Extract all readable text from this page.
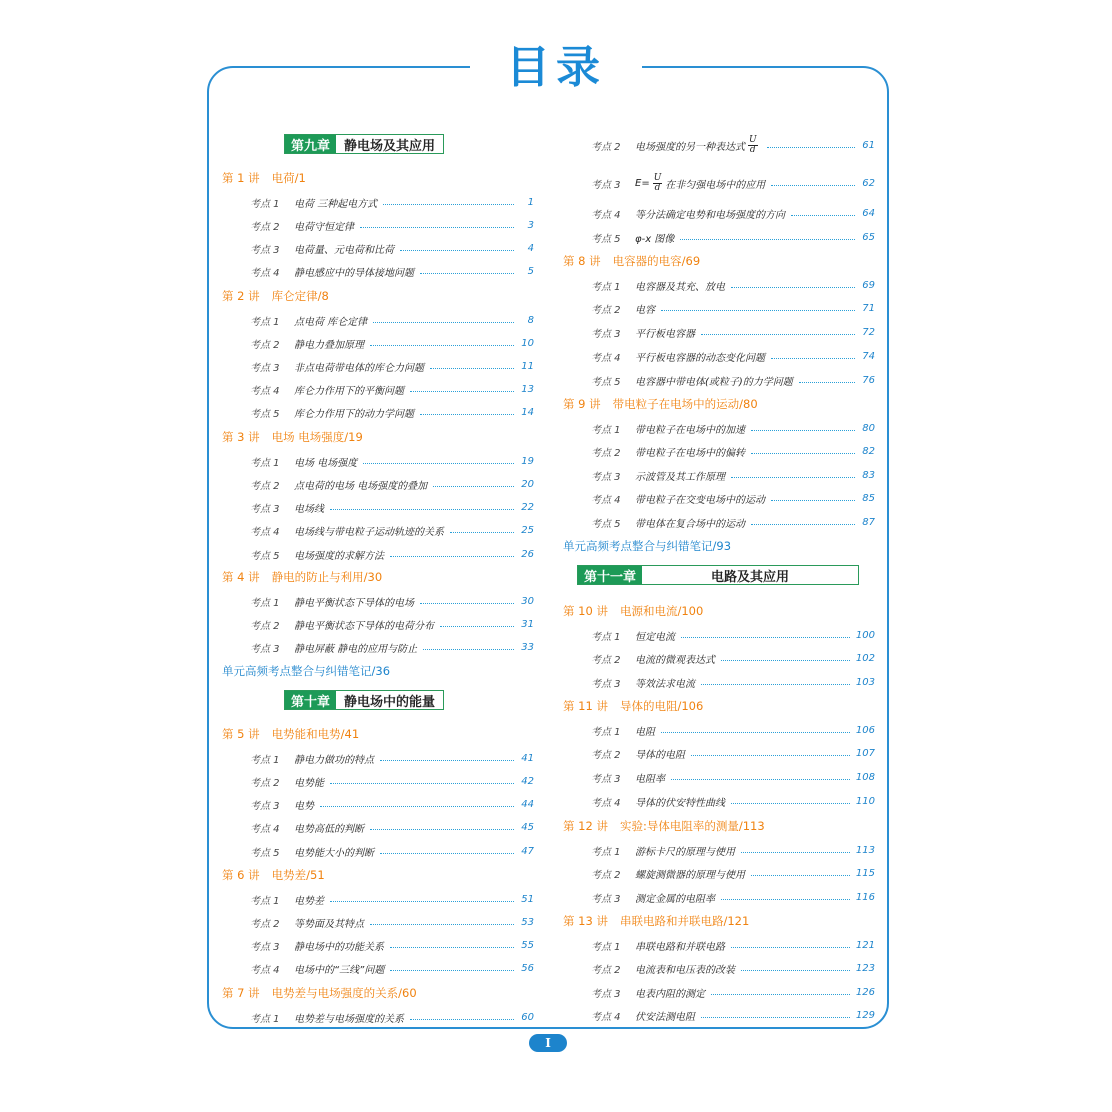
目录
第九章	静电场及其应用
第 1 讲 电荷/1
考点 1	电荷 三种起电方式	1
考点 2	电荷守恒定律	3
考点 3	电荷量、元电荷和比荷	4
考点 4	静电感应中的导体接地问题	5
第 2 讲 库仑定律/8
考点 1	点电荷 库仑定律	8
考点 2	静电力叠加原理	10
考点 3	非点电荷带电体的库仑力问题	11
考点 4	库仑力作用下的平衡问题	13
考点 5	库仑力作用下的动力学问题	14
第 3 讲 电场 电场强度/19
考点 1	电场 电场强度	19
考点 2	点电荷的电场 电场强度的叠加	20
考点 3	电场线	22
考点 4	电场线与带电粒子运动轨迹的关系	25
考点 5	电场强度的求解方法	26
第 4 讲 静电的防止与利用/30
考点 1	静电平衡状态下导体的电场	30
考点 2	静电平衡状态下导体的电荷分布	31
考点 3	静电屏蔽 静电的应用与防止	33
单元高频考点整合与纠错笔记/36
第十章	静电场中的能量
第 5 讲 电势能和电势/41
考点 1	静电力做功的特点	41
考点 2	电势能	42
考点 3	电势	44
考点 4	电势高低的判断	45
考点 5	电势能大小的判断	47
第 6 讲 电势差/51
考点 1	电势差	51
考点 2	等势面及其特点	53
考点 3	静电场中的功能关系	55
考点 4	电场中的“三线”问题	56
第 7 讲 电势差与电场强度的关系/60
考点 1	电势差与电场强度的关系	60
考点 2	电场强度的另一种表达式 $\frac{U}{d}$	61
考点 3	$E= \frac{U}{d}$ 在非匀强电场中的应用	62
考点 4	等分法确定电势和电场强度的方向	64
考点 5	φ-x 图像	65
第 8 讲 电容器的电容/69
考点 1	电容器及其充、放电	69
考点 2	电容	71
考点 3	平行板电容器	72
考点 4	平行板电容器的动态变化问题	74
考点 5	电容器中带电体(或粒子)的力学问题	76
第 9 讲 带电粒子在电场中的运动/80
考点 1	带电粒子在电场中的加速	80
考点 2	带电粒子在电场中的偏转	82
考点 3	示波管及其工作原理	83
考点 4	带电粒子在交变电场中的运动	85
考点 5	带电体在复合场中的运动	87
单元高频考点整合与纠错笔记/93
第十一章	电路及其应用
第 10 讲 电源和电流/100
考点 1	恒定电流	100
考点 2	电流的微观表达式	102
考点 3	等效法求电流	103
第 11 讲 导体的电阻/106
考点 1	电阻	106
考点 2	导体的电阻	107
考点 3	电阻率	108
考点 4	导体的伏安特性曲线	110
第 12 讲 实验:导体电阻率的测量/113
考点 1	游标卡尺的原理与使用	113
考点 2	螺旋测微器的原理与使用	115
考点 3	测定金属的电阻率	116
第 13 讲 串联电路和并联电路/121
考点 1	串联电路和并联电路	121
考点 2	电流表和电压表的改装	123
考点 3	电表内阻的测定	126
考点 4	伏安法测电阻	129
I
